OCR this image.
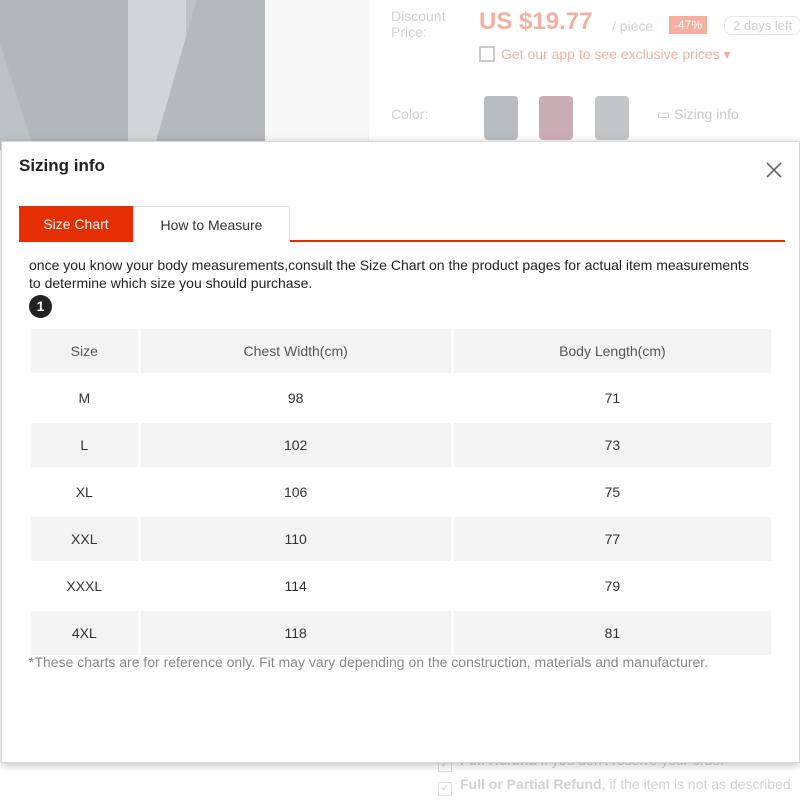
Sizing info
Size Chart	How to Measure
once you know your body measurements,consult the Size Chart on the product pages for actual item measurements to determine which size you should purchase.
1
Size	Chest Width(cm)	Body Length(cm)
M	98	71
L	102	73
XL	106	75
XXL	110	77
XXXL	114	79
4XL	118	81
*These charts are for reference only. Fit may vary depending on the construction, materials and manufacturer.
